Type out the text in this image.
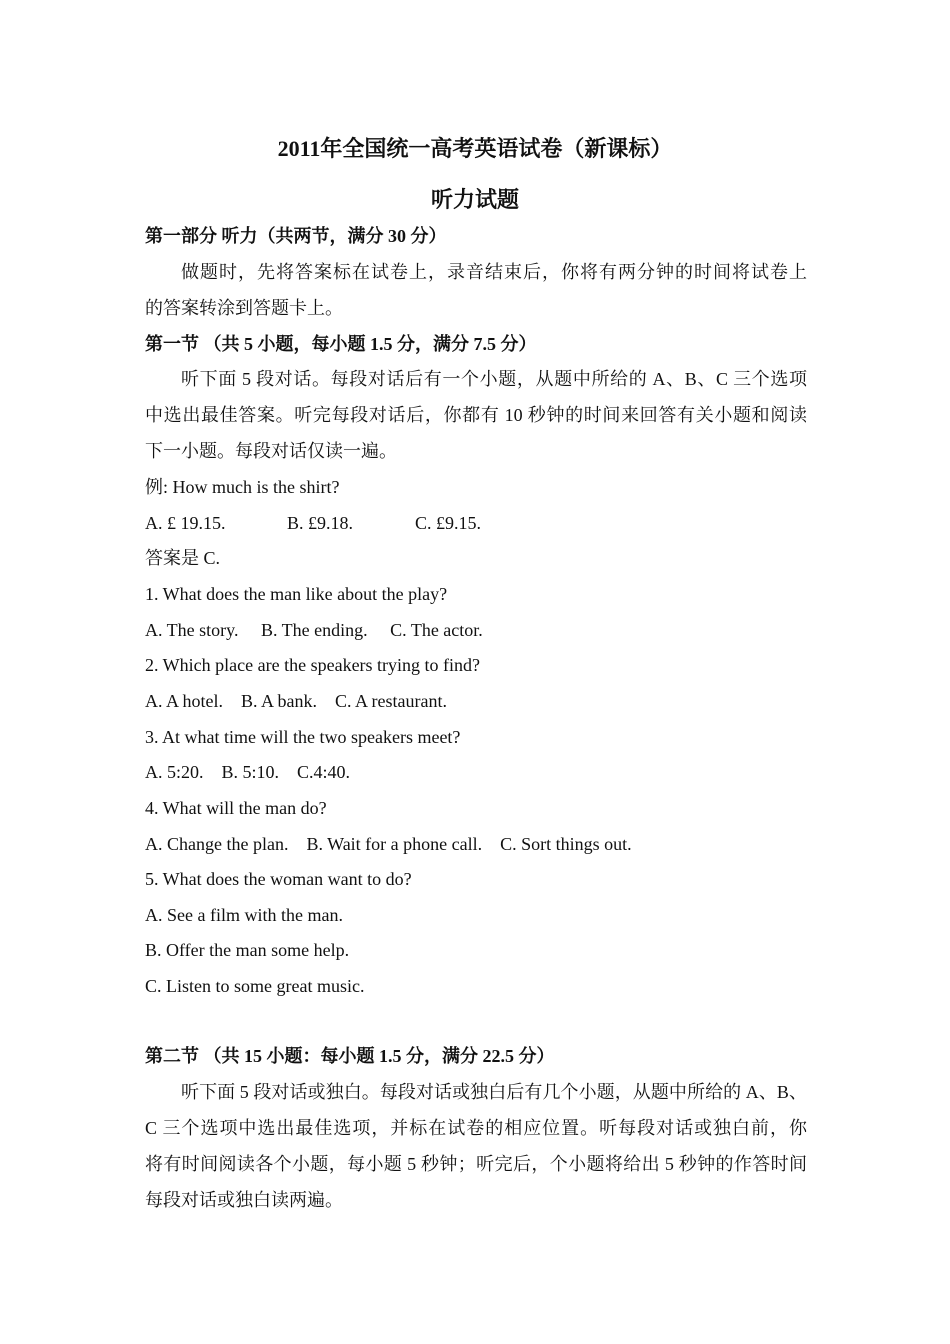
2011年全国统一高考英语试卷（新课标）
听力试题
第一部分 听力（共两节，满分 30 分）
做题时，先将答案标在试卷上，录音结束后，你将有两分钟的时间将试卷上
的答案转涂到答题卡上。
第一节 （共 5 小题，每小题 1.5 分，满分 7.5 分）
听下面 5 段对话。每段对话后有一个小题，从题中所给的 A、B、C 三个选项
中选出最佳答案。听完每段对话后，你都有 10 秒钟的时间来回答有关小题和阅读
下一小题。每段对话仅读一遍。
例: How much is the shirt?
A. £ 19.15.	B. £9.18.	C. £9.15.
答案是 C.
1. What does the man like about the play?
A. The story.     B. The ending.     C. The actor.
2. Which place are the speakers trying to find?
A. A hotel.    B. A bank.    C. A restaurant.
3. At what time will the two speakers meet?
A. 5:20.    B. 5:10.    C.4:40.
4. What will the man do?
A. Change the plan.    B. Wait for a phone call.    C. Sort things out.
5. What does the woman want to do?
A. See a film with the man.
B. Offer the man some help.
C. Listen to some great music.
第二节 （共 15 小题：每小题 1.5 分，满分 22.5 分）
听下面 5 段对话或独白。每段对话或独白后有几个小题，从题中所给的 A、B、
C 三个选项中选出最佳选项，并标在试卷的相应位置。听每段对话或独白前，你
将有时间阅读各个小题，每小题 5 秒钟；听完后，个小题将给出 5 秒钟的作答时间
每段对话或独白读两遍。
